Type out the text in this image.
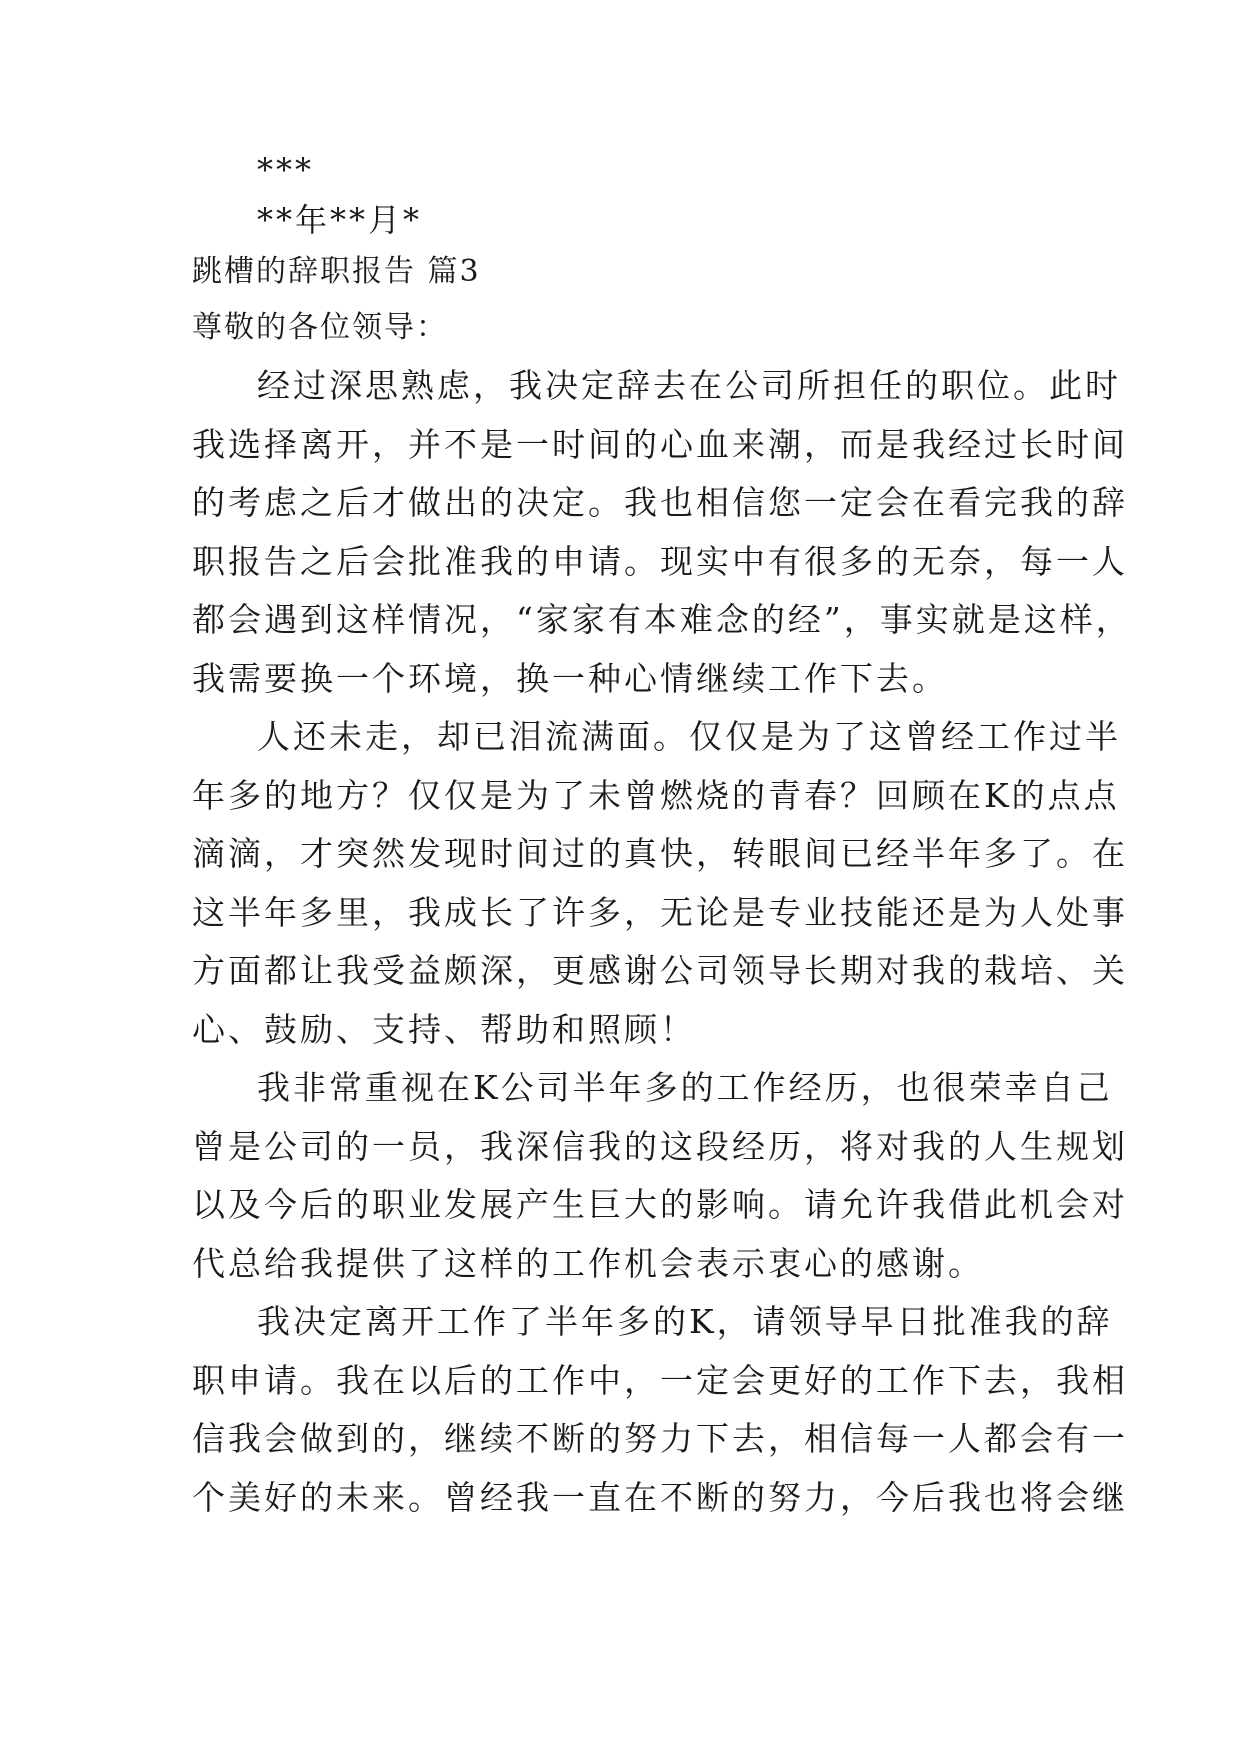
***
**年**月*
跳槽的辞职报告 篇3
尊敬的各位领导：
经过深思熟虑，我决定辞去在公司所担任的职位。此时
我选择离开，并不是一时间的心血来潮，而是我经过长时间
的考虑之后才做出的决定。我也相信您一定会在看完我的辞
职报告之后会批准我的申请。现实中有很多的无奈，每一人
都会遇到这样情况，“家家有本难念的经”，事实就是这样，
我需要换一个环境，换一种心情继续工作下去。
人还未走，却已泪流满面。仅仅是为了这曾经工作过半
年多的地方？仅仅是为了未曾燃烧的青春？回顾在K的点点
滴滴，才突然发现时间过的真快，转眼间已经半年多了。在
这半年多里，我成长了许多，无论是专业技能还是为人处事
方面都让我受益颇深，更感谢公司领导长期对我的栽培、关
心、鼓励、支持、帮助和照顾！
我非常重视在K公司半年多的工作经历，也很荣幸自己
曾是公司的一员，我深信我的这段经历，将对我的人生规划
以及今后的职业发展产生巨大的影响。请允许我借此机会对
代总给我提供了这样的工作机会表示衷心的感谢。
我决定离开工作了半年多的K，请领导早日批准我的辞
职申请。我在以后的工作中，一定会更好的工作下去，我相
信我会做到的，继续不断的努力下去，相信每一人都会有一
个美好的未来。曾经我一直在不断的努力，今后我也将会继
